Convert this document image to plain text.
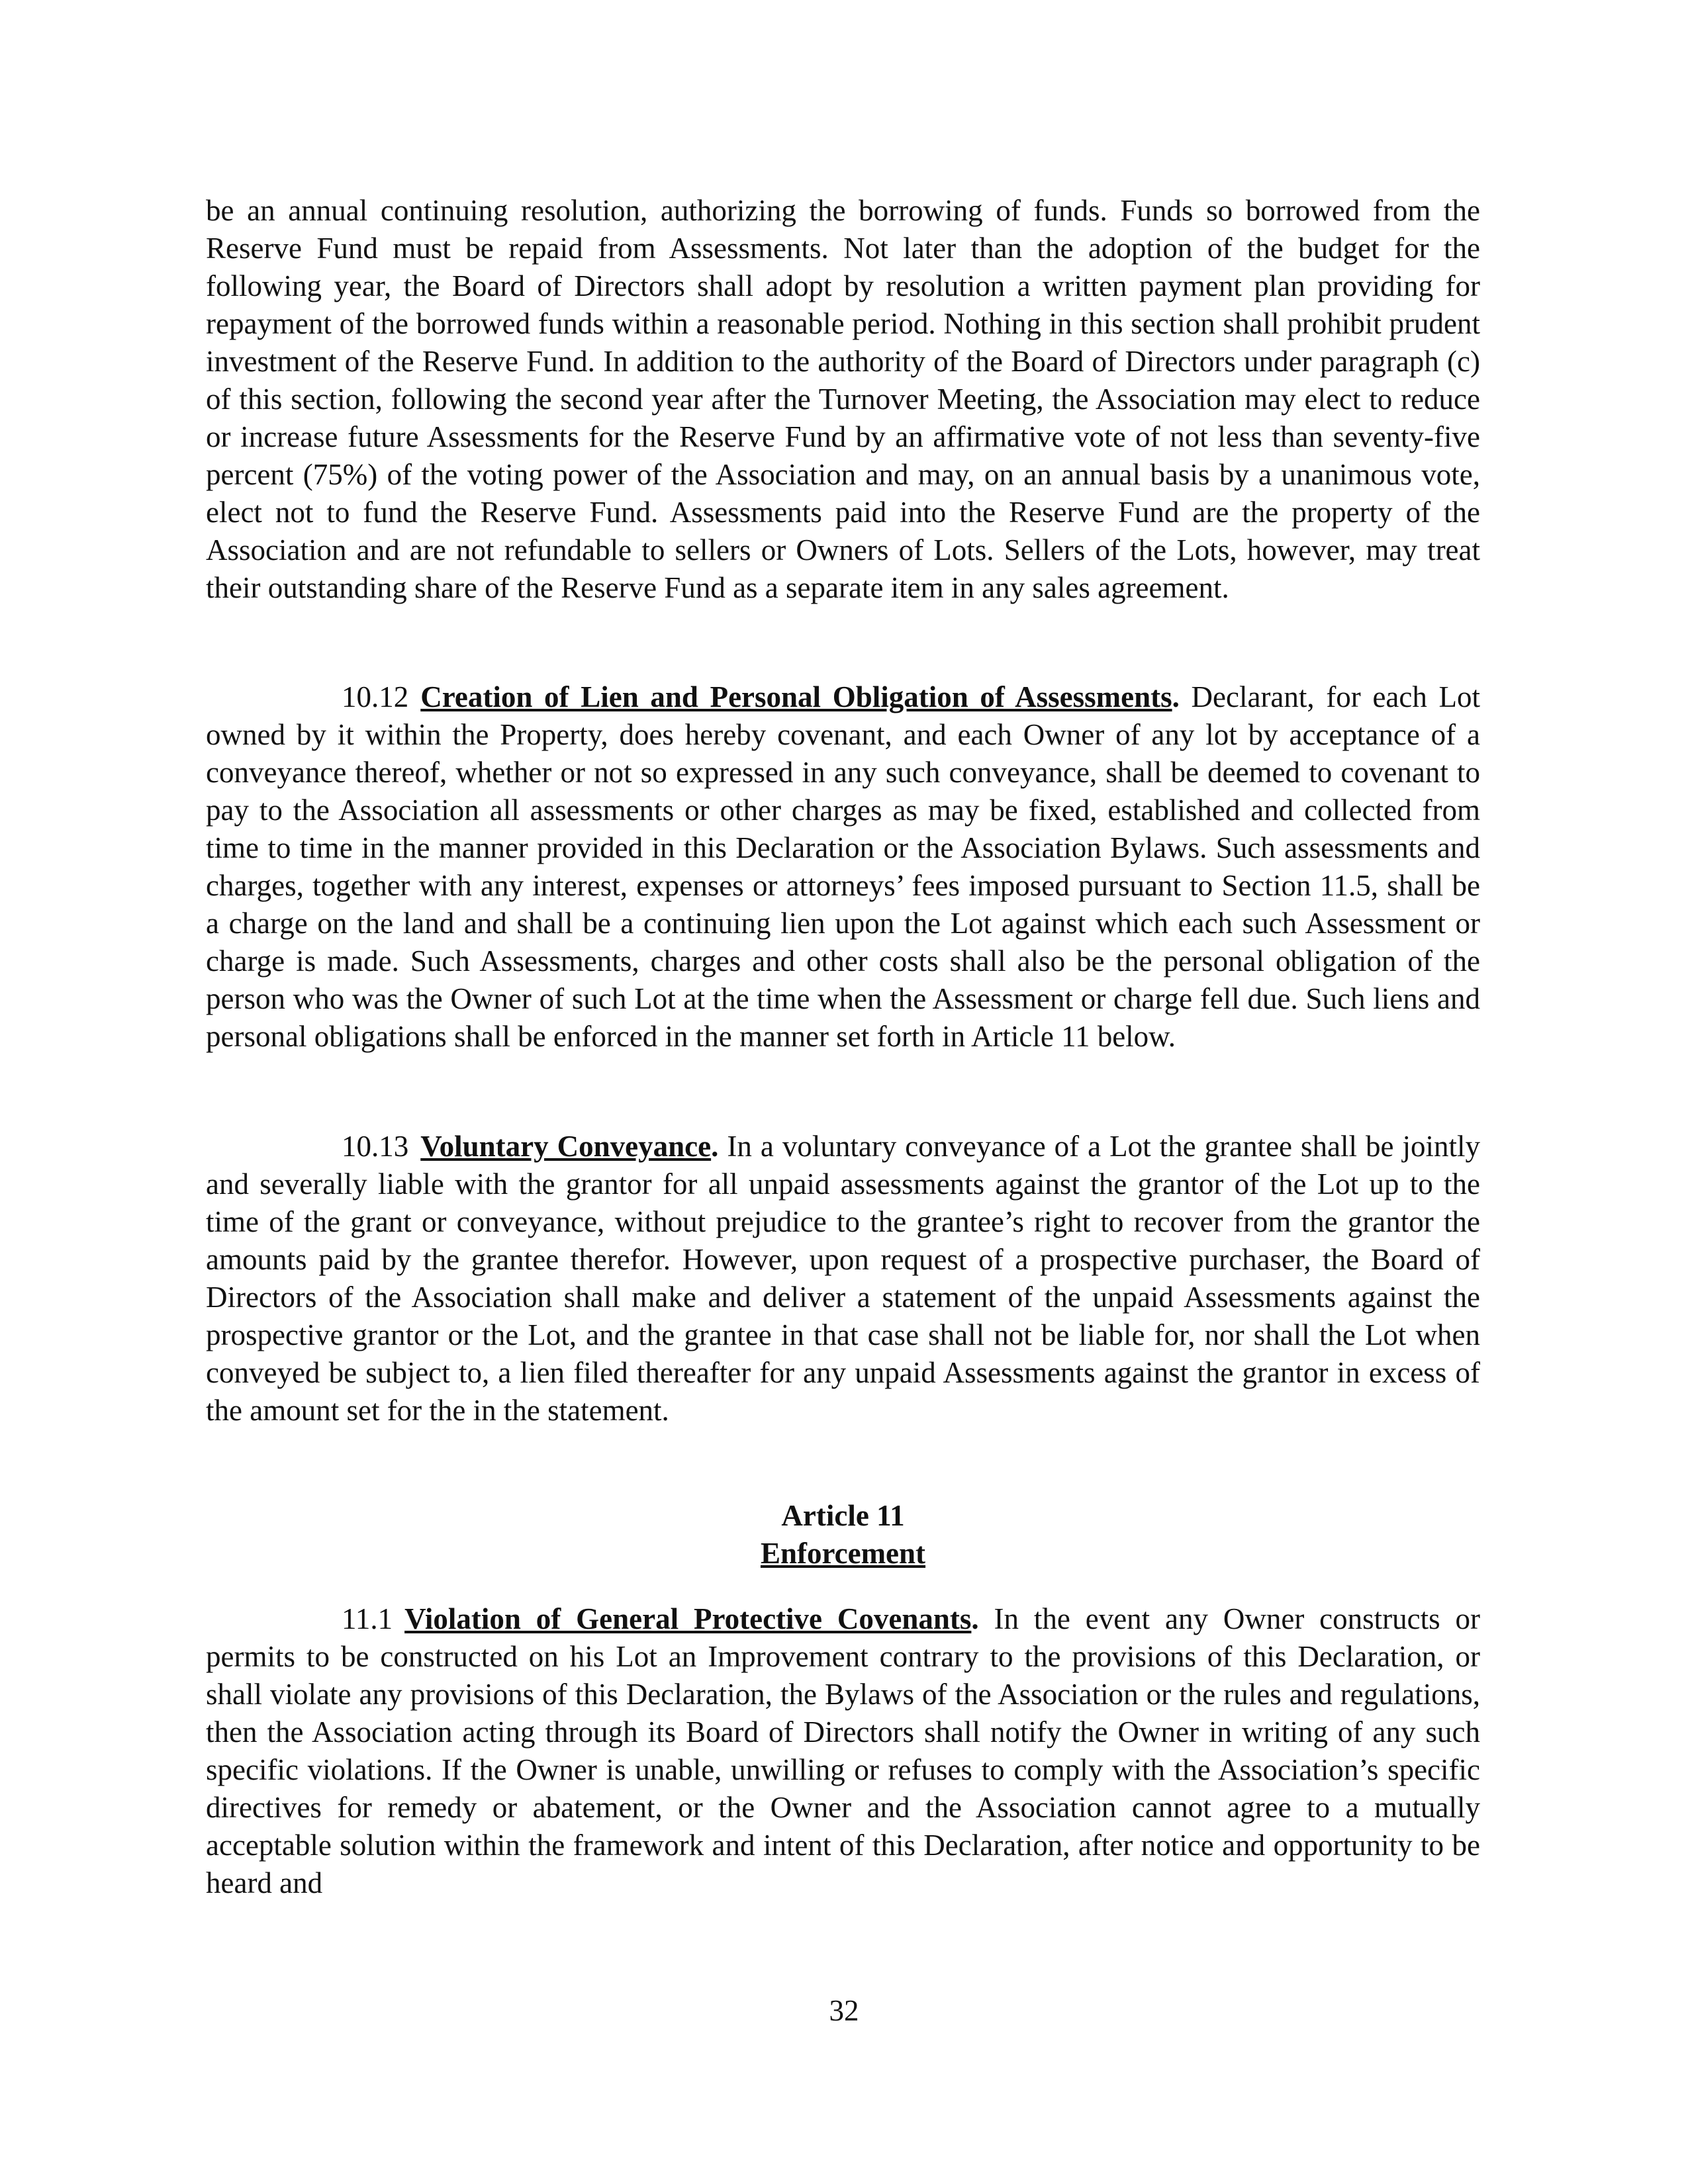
be an annual continuing resolution, authorizing the borrowing of funds. Funds so borrowed from the Reserve Fund must be repaid from Assessments. Not later than the adoption of the budget for the following year, the Board of Directors shall adopt by resolution a written payment plan providing for repayment of the borrowed funds within a reasonable period. Nothing in this section shall prohibit prudent investment of the Reserve Fund. In addition to the authority of the Board of Directors under paragraph (c) of this section, following the second year after the Turnover Meeting, the Association may elect to reduce or increase future Assessments for the Reserve Fund by an affirmative vote of not less than seventy-five percent (75%) of the voting power of the Association and may, on an annual basis by a unanimous vote, elect not to fund the Reserve Fund. Assessments paid into the Reserve Fund are the property of the Association and are not refundable to sellers or Owners of Lots. Sellers of the Lots, however, may treat their outstanding share of the Reserve Fund as a separate item in any sales agreement.

10.12 Creation of Lien and Personal Obligation of Assessments. Declarant, for each Lot owned by it within the Property, does hereby covenant, and each Owner of any lot by acceptance of a conveyance thereof, whether or not so expressed in any such conveyance, shall be deemed to covenant to pay to the Association all assessments or other charges as may be fixed, established and collected from time to time in the manner provided in this Declaration or the Association Bylaws. Such assessments and charges, together with any interest, expenses or attorneys’ fees imposed pursuant to Section 11.5, shall be a charge on the land and shall be a continuing lien upon the Lot against which each such Assessment or charge is made. Such Assessments, charges and other costs shall also be the personal obligation of the person who was the Owner of such Lot at the time when the Assessment or charge fell due. Such liens and personal obligations shall be enforced in the manner set forth in Article 11 below.

10.13 Voluntary Conveyance. In a voluntary conveyance of a Lot the grantee shall be jointly and severally liable with the grantor for all unpaid assessments against the grantor of the Lot up to the time of the grant or conveyance, without prejudice to the grantee’s right to recover from the grantor the amounts paid by the grantee therefor. However, upon request of a prospective purchaser, the Board of Directors of the Association shall make and deliver a statement of the unpaid Assessments against the prospective grantor or the Lot, and the grantee in that case shall not be liable for, nor shall the Lot when conveyed be subject to, a lien filed thereafter for any unpaid Assessments against the grantor in excess of the amount set for the in the statement.

Article 11
Enforcement

11.1 Violation of General Protective Covenants. In the event any Owner constructs or permits to be constructed on his Lot an Improvement contrary to the provisions of this Declaration, or shall violate any provisions of this Declaration, the Bylaws of the Association or the rules and regulations, then the Association acting through its Board of Directors shall notify the Owner in writing of any such specific violations. If the Owner is unable, unwilling or refuses to comply with the Association’s specific directives for remedy or abatement, or the Owner and the Association cannot agree to a mutually acceptable solution within the framework and intent of this Declaration, after notice and opportunity to be heard and

32
